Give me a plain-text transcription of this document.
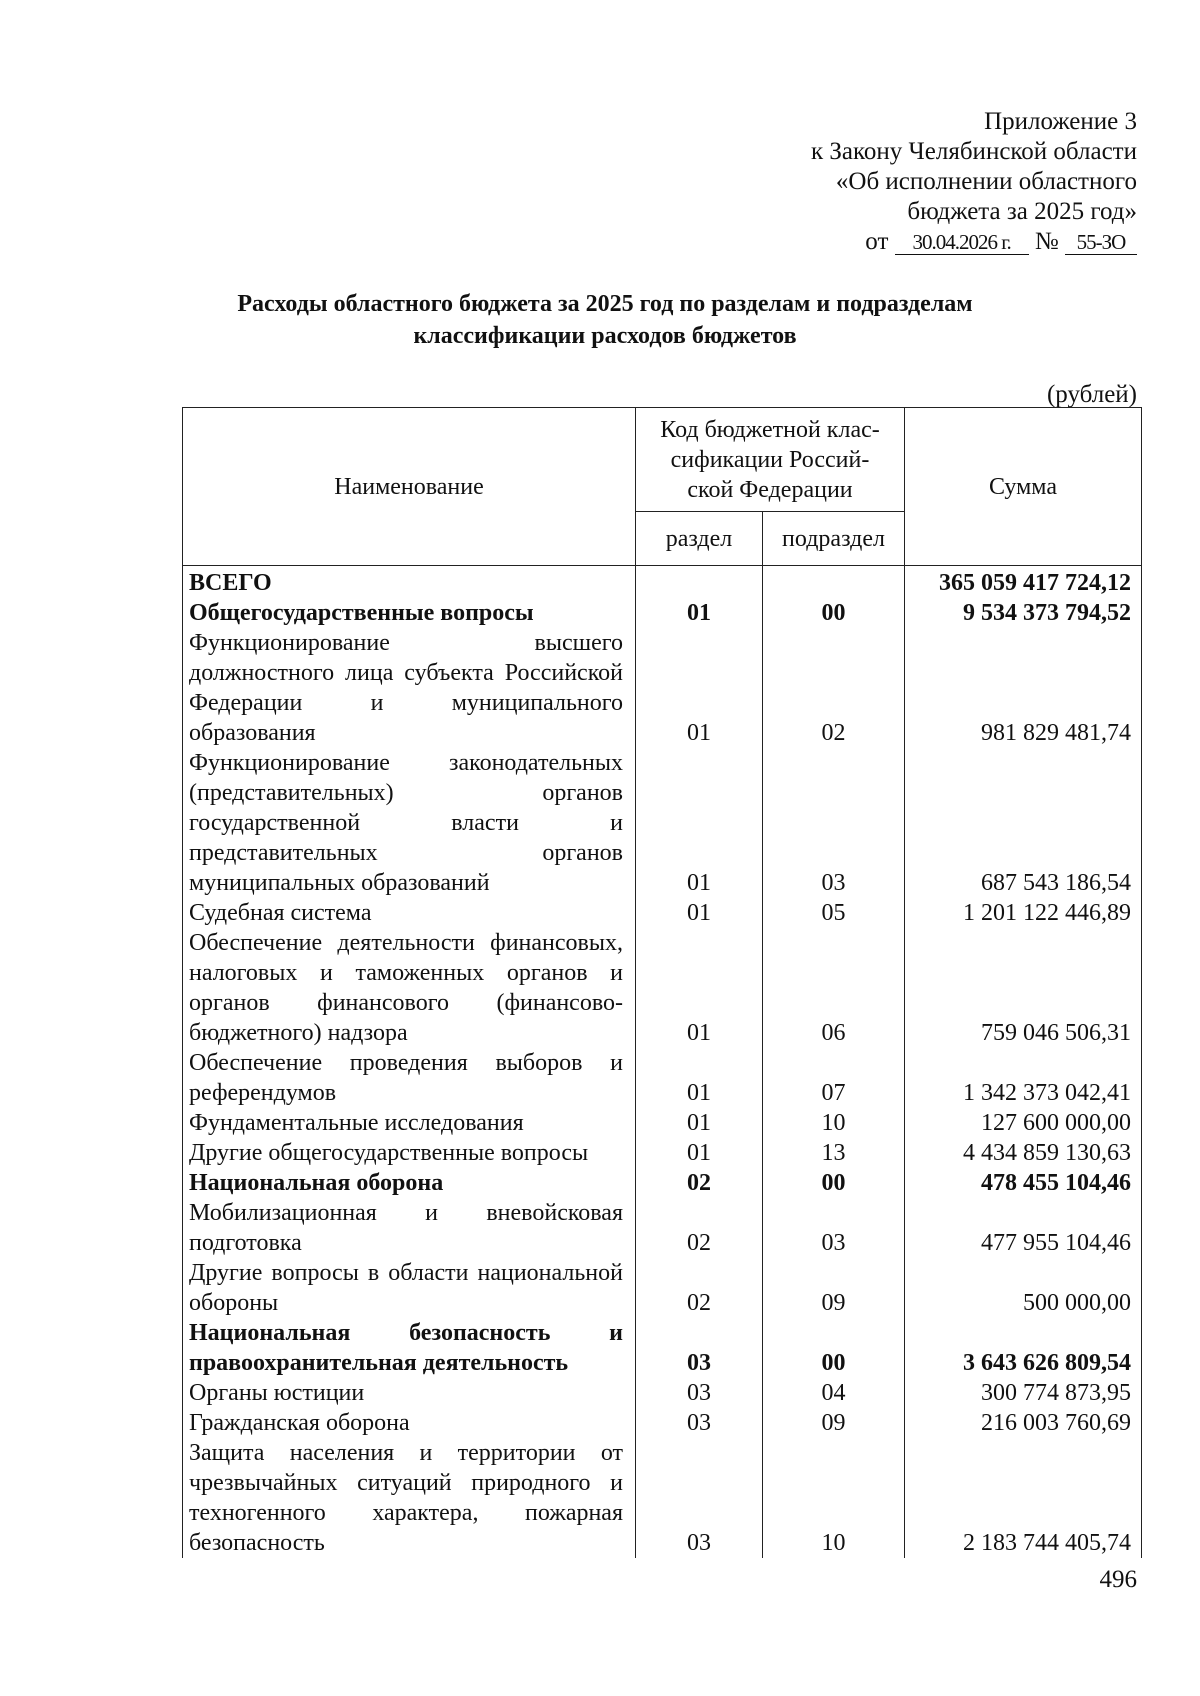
Приложение 3
к Закону Челябинской области
«Об исполнении областного
бюджета за 2025 год»
от 30.04.2026 г. № 55-ЗО
Расходы областного бюджета за 2025 год по разделам и подразделам
классификации расходов бюджетов
(рублей)
Наименование	Код бюджетной клас-
сификации Россий-
ской Федерации		Сумма
	раздел	подраздел	
ВСЕГО			365 059 417 724,12
Общегосударственные вопросы	01	00	9 534 373 794,52
Функционирование высшего должностного лица субъекта Российской Федерации и муниципального образования	01	02	981 829 481,74
Функционирование законодательных (представительных) органов государственной власти и представительных органов муниципальных образований	01	03	687 543 186,54
Судебная система	01	05	1 201 122 446,89
Обеспечение деятельности финансовых, налоговых и таможенных органов и органов финансового (финансово-бюджетного) надзора	01	06	759 046 506,31
Обеспечение проведения выборов и референдумов	01	07	1 342 373 042,41
Фундаментальные исследования	01	10	127 600 000,00
Другие общегосударственные вопросы	01	13	4 434 859 130,63
Национальная оборона	02	00	478 455 104,46
Мобилизационная и вневойсковая подготовка	02	03	477 955 104,46
Другие вопросы в области национальной обороны	02	09	500 000,00
Национальная безопасность и правоохранительная деятельность	03	00	3 643 626 809,54
Органы юстиции	03	04	300 774 873,95
Гражданская оборона	03	09	216 003 760,69
Защита населения и территории от чрезвычайных ситуаций природного и техногенного характера, пожарная безопасность	03	10	2 183 744 405,74
496
